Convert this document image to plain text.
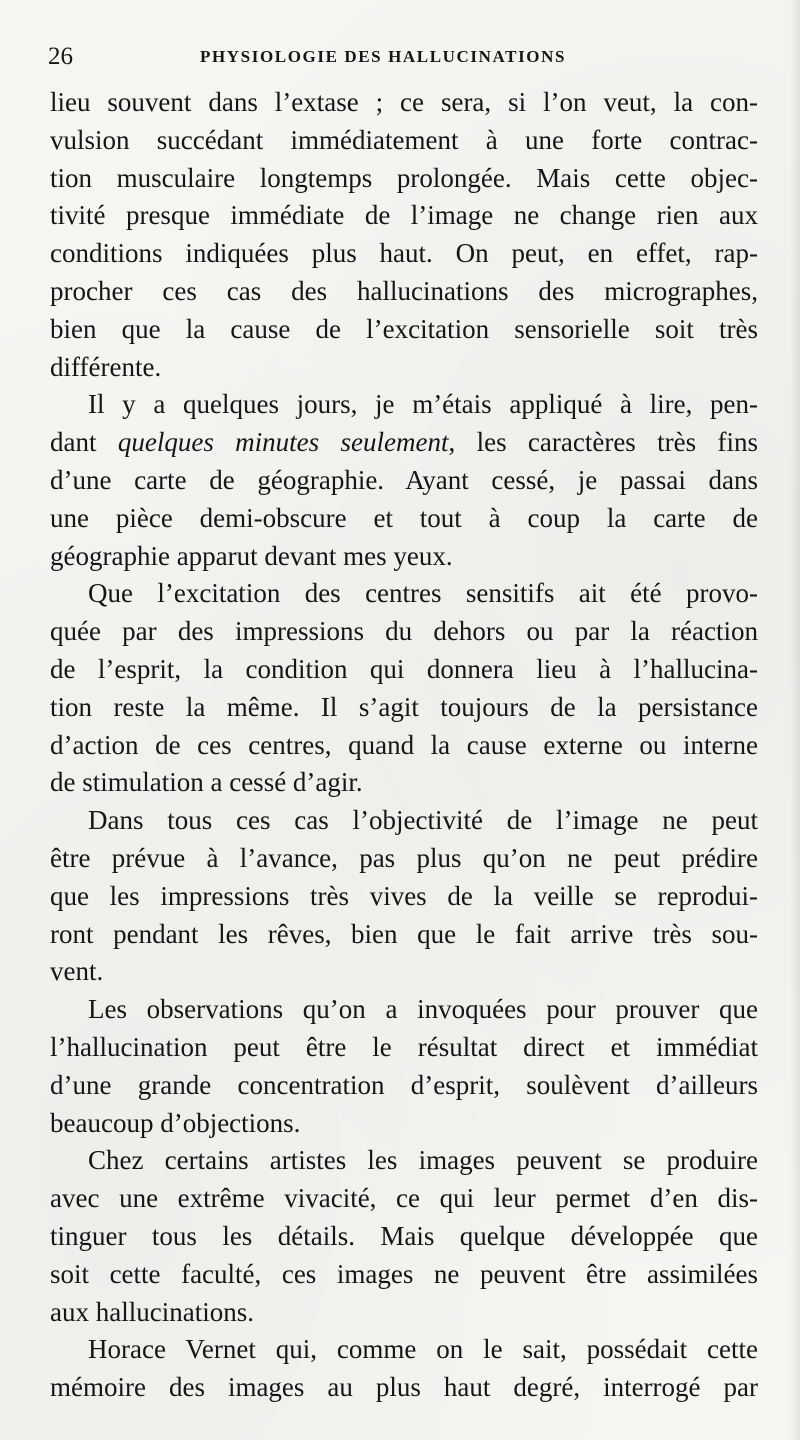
26	PHYSIOLOGIE DES HALLUCINATIONS
lieu souvent dans l’extase ; ce sera, si l’on veut, la con-
vulsion succédant immédiatement à une forte contrac-
tion musculaire longtemps prolongée. Mais cette objec-
tivité presque immédiate de l’image ne change rien aux
conditions indiquées plus haut. On peut, en effet, rap-
procher ces cas des hallucinations des micrographes,
bien que la cause de l’excitation sensorielle soit très
différente.
Il y a quelques jours, je m’étais appliqué à lire, pen-
dant quelques minutes seulement, les caractères très fins
d’une carte de géographie. Ayant cessé, je passai dans
une pièce demi-obscure et tout à coup la carte de
géographie apparut devant mes yeux.
Que l’excitation des centres sensitifs ait été provo-
quée par des impressions du dehors ou par la réaction
de l’esprit, la condition qui donnera lieu à l’hallucina-
tion reste la même. Il s’agit toujours de la persistance
d’action de ces centres, quand la cause externe ou interne
de stimulation a cessé d’agir.
Dans tous ces cas l’objectivité de l’image ne peut
être prévue à l’avance, pas plus qu’on ne peut prédire
que les impressions très vives de la veille se reprodui-
ront pendant les rêves, bien que le fait arrive très sou-
vent.
Les observations qu’on a invoquées pour prouver que
l’hallucination peut être le résultat direct et immédiat
d’une grande concentration d’esprit, soulèvent d’ailleurs
beaucoup d’objections.
Chez certains artistes les images peuvent se produire
avec une extrême vivacité, ce qui leur permet d’en dis-
tinguer tous les détails. Mais quelque développée que
soit cette faculté, ces images ne peuvent être assimilées
aux hallucinations.
Horace Vernet qui, comme on le sait, possédait cette
mémoire des images au plus haut degré, interrogé par
